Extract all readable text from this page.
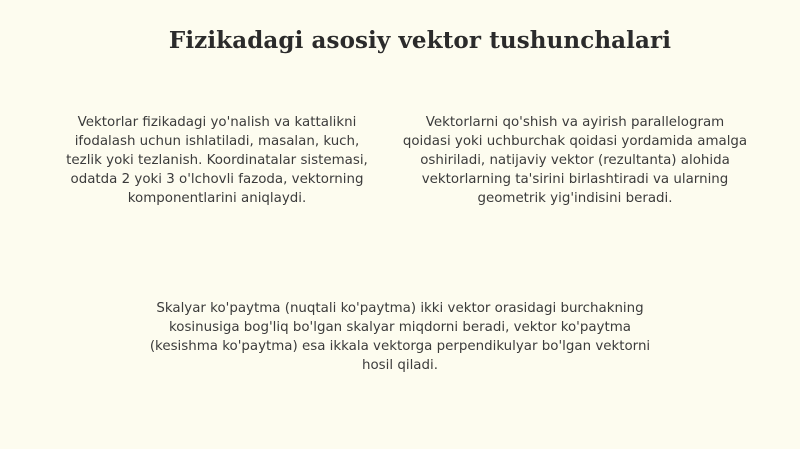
Fizikadagi asosiy vektor tushunchalari
Vektorlar fizikadagi yo'nalish va kattalikni ifodalash uchun ishlatiladi, masalan, kuch, tezlik yoki tezlanish. Koordinatalar sistemasi, odatda 2 yoki 3 o'lchovli fazoda, vektorning komponentlarini aniqlaydi.
Vektorlarni qo'shish va ayirish parallelogram qoidasi yoki uchburchak qoidasi yordamida amalga oshiriladi, natijaviy vektor (rezultanta) alohida vektorlarning ta'sirini birlashtiradi va ularning geometrik yig'indisini beradi.
Skalyar ko'paytma (nuqtali ko'paytma) ikki vektor orasidagi burchakning kosinusiga bog'liq bo'lgan skalyar miqdorni beradi, vektor ko'paytma (kesishma ko'paytma) esa ikkala vektorga perpendikulyar bo'lgan vektorni hosil qiladi.
